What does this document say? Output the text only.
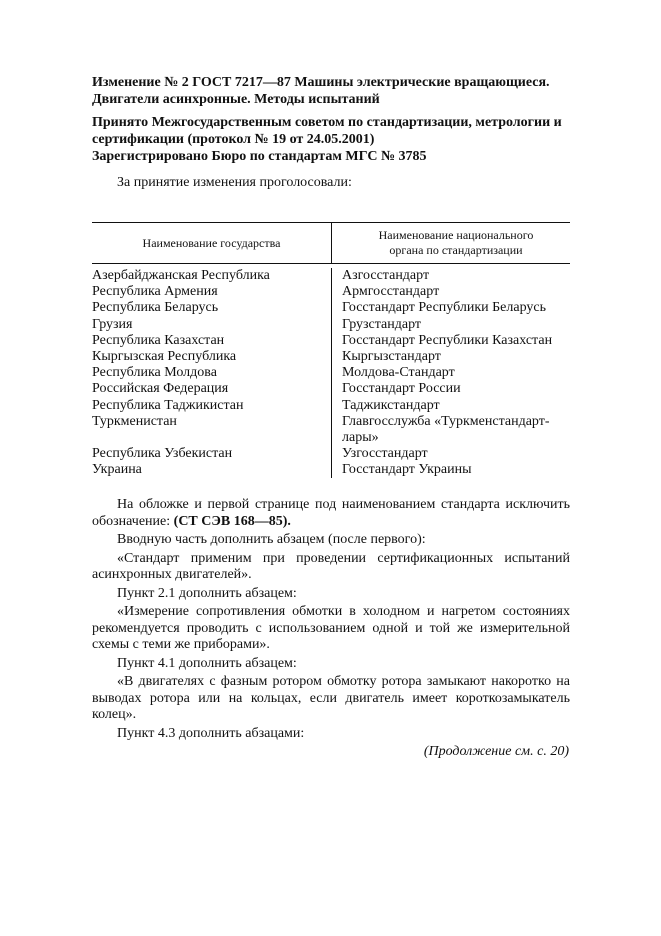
Изменение № 2 ГОСТ 7217—87 Машины электрические вращающиеся.

Двигатели асинхронные. Методы испытаний

Принято Межгосударственным советом по стандартизации, метрологии и

сертификации (протокол № 19 от 24.05.2001)

Зарегистрировано Бюро по стандартам МГС № 3785

За принятие изменения проголосовали:

Наименование государства
Наименование национального
органа по стандартизации
Азербайджанская Республика
Республика Армения
Республика Беларусь
Грузия
Республика Казахстан
Кыргызская Республика
Республика Молдова
Российская Федерация
Республика Таджикистан
Туркменистан
Республика Узбекистан
Украина
Азгосстандарт
Армгосстандарт
Госстандарт Республики Беларусь
Грузстандарт
Госстандарт Республики Казахстан
Кыргызстандарт
Молдова-Стандарт
Госстандарт России
Таджикстандарт
Главгосслужба «Туркменстандарт-лары»
Узгосстандарт
Госстандарт Украины

На обложке и первой странице под наименованием стандарта исключить обозначение: (СТ СЭВ 168—85).

Вводную часть дополнить абзацем (после первого):

«Стандарт применим при проведении сертификационных испытаний асинхронных двигателей».

Пункт 2.1 дополнить абзацем:

«Измерение сопротивления обмотки в холодном и нагретом состояниях рекомендуется проводить с использованием одной и той же измерительной схемы с теми же приборами».

Пункт 4.1 дополнить абзацем:

«В двигателях с фазным ротором обмотку ротора замыкают накоротко на выводах ротора или на кольцах, если двигатель имеет короткозамыкатель колец».

Пункт 4.3 дополнить абзацами:

(Продолжение см. с. 20)
